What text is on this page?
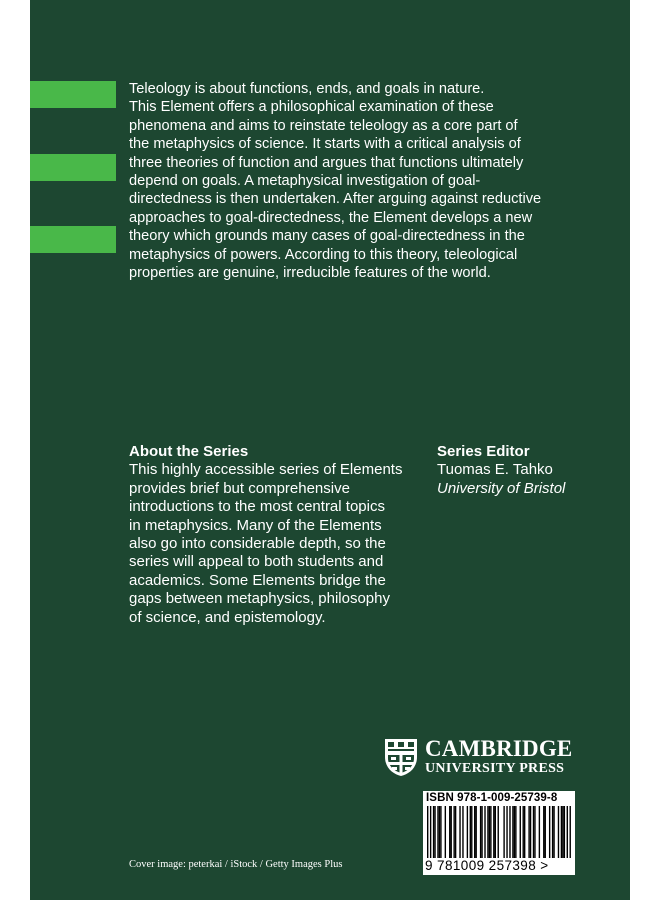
Teleology is about functions, ends, and goals in nature.
This Element offers a philosophical examination of these
phenomena and aims to reinstate teleology as a core part of
the metaphysics of science. It starts with a critical analysis of
three theories of function and argues that functions ultimately
depend on goals. A metaphysical investigation of goal-
directedness is then undertaken. After arguing against reductive
approaches to goal-directedness, the Element develops a new
theory which grounds many cases of goal-directedness in the
metaphysics of powers. According to this theory, teleological
properties are genuine, irreducible features of the world.
About the Series
This highly accessible series of Elements
provides brief but comprehensive
introductions to the most central topics
in metaphysics. Many of the Elements
also go into considerable depth, so the
series will appeal to both students and
academics. Some Elements bridge the
gaps between metaphysics, philosophy
of science, and epistemology.
Series Editor
Tuomas E. Tahko
University of Bristol
CAMBRIDGE
UNIVERSITY PRESS
ISBN 978-1-009-25739-8
9 781009 257398 >
Cover image: peterkai / iStock / Getty Images Plus
